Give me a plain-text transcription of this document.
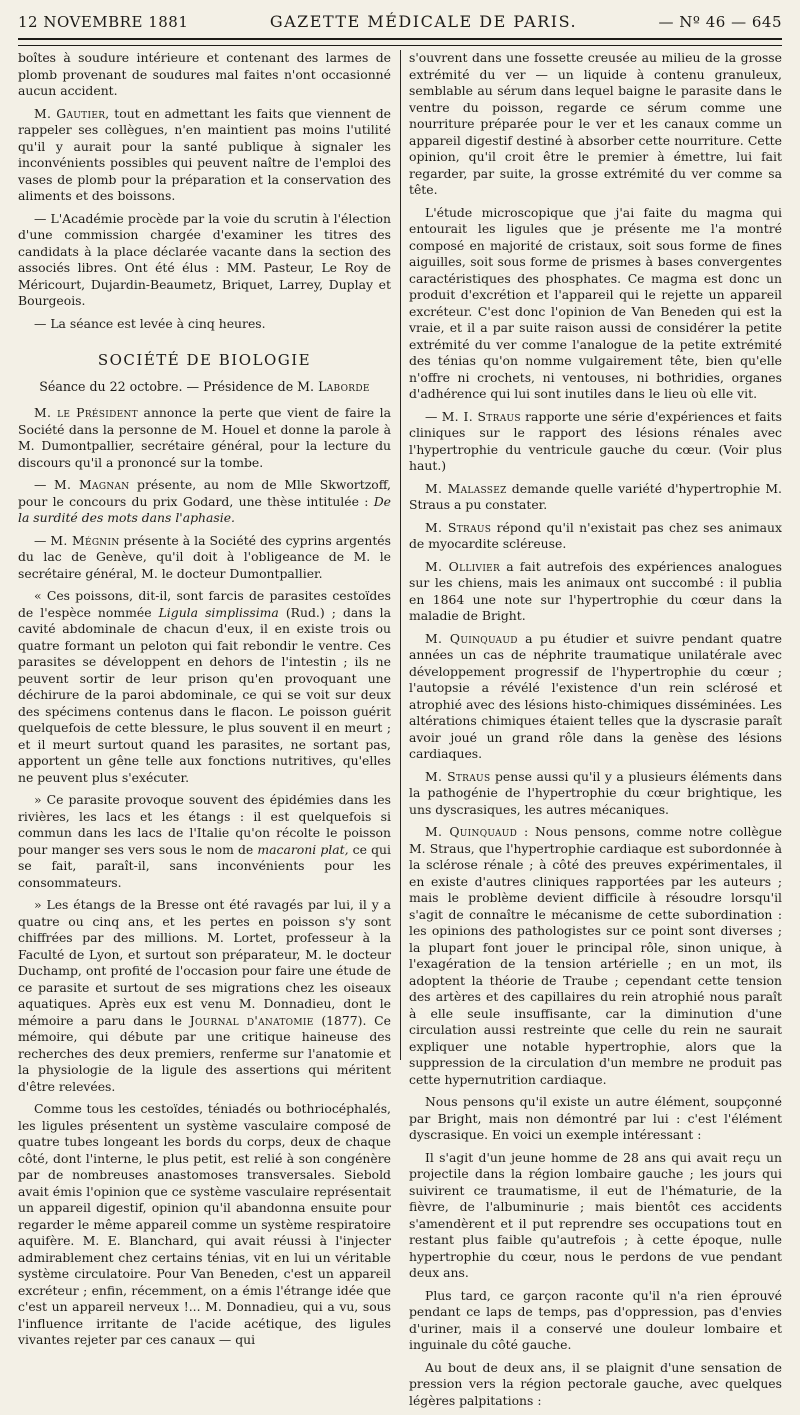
12 NOVEMBRE 1881	GAZETTE MÉDICALE DE PARIS.	— Nº 46 — 645

boîtes à soudure intérieure et contenant des larmes de plomb provenant de soudures mal faites n'ont occasionné aucun accident.

M. Gautier, tout en admettant les faits que viennent de rappeler ses collègues, n'en maintient pas moins l'utilité qu'il y aurait pour la santé publique à signaler les inconvénients possibles qui peuvent naître de l'emploi des vases de plomb pour la préparation et la conservation des aliments et des boissons.

— L'Académie procède par la voie du scrutin à l'élection d'une commission chargée d'examiner les titres des candidats à la place déclarée vacante dans la section des associés libres. Ont été élus : MM. Pasteur, Le Roy de Méricourt, Dujardin-Beaumetz, Briquet, Larrey, Duplay et Bourgeois.

— La séance est levée à cinq heures.

SOCIÉTÉ DE BIOLOGIE
Séance du 22 octobre. — Présidence de M. Laborde

M. le Président annonce la perte que vient de faire la Société dans la personne de M. Houel et donne la parole à M. Dumontpallier, secrétaire général, pour la lecture du discours qu'il a prononcé sur la tombe.

— M. Magnan présente, au nom de Mlle Skwortzoff, pour le concours du prix Godard, une thèse intitulée : De la surdité des mots dans l'aphasie.

— M. Mégnin présente à la Société des cyprins argentés du lac de Genève, qu'il doit à l'obligeance de M. le secrétaire général, M. le docteur Dumontpallier.

« Ces poissons, dit-il, sont farcis de parasites cestoïdes de l'espèce nommée Ligula simplissima (Rud.) ; dans la cavité abdominale de chacun d'eux, il en existe trois ou quatre formant un peloton qui fait rebondir le ventre. Ces parasites se développent en dehors de l'intestin ; ils ne peuvent sortir de leur prison qu'en provoquant une déchirure de la paroi abdominale, ce qui se voit sur deux des spécimens contenus dans le flacon. Le poisson guérit quelquefois de cette blessure, le plus souvent il en meurt ; et il meurt surtout quand les parasites, ne sortant pas, apportent un gêne telle aux fonctions nutritives, qu'elles ne peuvent plus s'exécuter.

» Ce parasite provoque souvent des épidémies dans les rivières, les lacs et les étangs : il est quelquefois si commun dans les lacs de l'Italie qu'on récolte le poisson pour manger ses vers sous le nom de macaroni plat, ce qui se fait, paraît-il, sans inconvénients pour les consommateurs.

» Les étangs de la Bresse ont été ravagés par lui, il y a quatre ou cinq ans, et les pertes en poisson s'y sont chiffrées par des millions. M. Lortet, professeur à la Faculté de Lyon, et surtout son préparateur, M. le docteur Duchamp, ont profité de l'occasion pour faire une étude de ce parasite et surtout de ses migrations chez les oiseaux aquatiques. Après eux est venu M. Donnadieu, dont le mémoire a paru dans le Journal d'anatomie (1877). Ce mémoire, qui débute par une critique haineuse des recherches des deux premiers, renferme sur l'anatomie et la physiologie de la ligule des assertions qui méritent d'être relevées.

Comme tous les cestoïdes, téniadés ou bothriocéphalés, les ligules présentent un système vasculaire composé de quatre tubes longeant les bords du corps, deux de chaque côté, dont l'interne, le plus petit, est relié à son congénère par de nombreuses anastomoses transversales. Siebold avait émis l'opinion que ce système vasculaire représentait un appareil digestif, opinion qu'il abandonna ensuite pour regarder le même appareil comme un système respiratoire aquifère. M. E. Blanchard, qui avait réussi à l'injecter admirablement chez certains ténias, vit en lui un véritable système circulatoire. Pour Van Beneden, c'est un appareil excréteur ; enfin, récemment, on a émis l'étrange idée que c'est un appareil nerveux !... M. Donnadieu, qui a vu, sous l'influence irritante de l'acide acétique, des ligules vivantes rejeter par ces canaux — qui

s'ouvrent dans une fossette creusée au milieu de la grosse extrémité du ver — un liquide à contenu granuleux, semblable au sérum dans lequel baigne le parasite dans le ventre du poisson, regarde ce sérum comme une nourriture préparée pour le ver et les canaux comme un appareil digestif destiné à absorber cette nourriture. Cette opinion, qu'il croit être le premier à émettre, lui fait regarder, par suite, la grosse extrémité du ver comme sa tête.

L'étude microscopique que j'ai faite du magma qui entourait les ligules que je présente me l'a montré composé en majorité de cristaux, soit sous forme de fines aiguilles, soit sous forme de prismes à bases convergentes caractéristiques des phosphates. Ce magma est donc un produit d'excrétion et l'appareil qui le rejette un appareil excréteur. C'est donc l'opinion de Van Beneden qui est la vraie, et il a par suite raison aussi de considérer la petite extrémité du ver comme l'analogue de la petite extrémité des ténias qu'on nomme vulgairement tête, bien qu'elle n'offre ni crochets, ni ventouses, ni bothridies, organes d'adhérence qui lui sont inutiles dans le lieu où elle vit.

— M. I. Straus rapporte une série d'expériences et faits cliniques sur le rapport des lésions rénales avec l'hypertrophie du ventricule gauche du cœur. (Voir plus haut.)

M. Malassez demande quelle variété d'hypertrophie M. Straus a pu constater.

M. Straus répond qu'il n'existait pas chez ses animaux de myocardite scléreuse.

M. Ollivier a fait autrefois des expériences analogues sur les chiens, mais les animaux ont succombé : il publia en 1864 une note sur l'hypertrophie du cœur dans la maladie de Bright.

M. Quinquaud a pu étudier et suivre pendant quatre années un cas de néphrite traumatique unilatérale avec développement progressif de l'hypertrophie du cœur ; l'autopsie a révélé l'existence d'un rein sclérosé et atrophié avec des lésions histo-chimiques disséminées. Les altérations chimiques étaient telles que la dyscrasie paraît avoir joué un grand rôle dans la genèse des lésions cardiaques.

M. Straus pense aussi qu'il y a plusieurs éléments dans la pathogénie de l'hypertrophie du cœur brightique, les uns dyscrasiques, les autres mécaniques.

M. Quinquaud : Nous pensons, comme notre collègue M. Straus, que l'hypertrophie cardiaque est subordonnée à la sclérose rénale ; à côté des preuves expérimentales, il en existe d'autres cliniques rapportées par les auteurs ; mais le problème devient difficile à résoudre lorsqu'il s'agit de connaître le mécanisme de cette subordination : les opinions des pathologistes sur ce point sont diverses ; la plupart font jouer le principal rôle, sinon unique, à l'exagération de la tension artérielle ; en un mot, ils adoptent la théorie de Traube ; cependant cette tension des artères et des capillaires du rein atrophié nous paraît à elle seule insuffisante, car la diminution d'une circulation aussi restreinte que celle du rein ne saurait expliquer une notable hypertrophie, alors que la suppression de la circulation d'un membre ne produit pas cette hypernutrition cardiaque.

Nous pensons qu'il existe un autre élément, soupçonné par Bright, mais non démontré par lui : c'est l'élément dyscrasique. En voici un exemple intéressant :

Il s'agit d'un jeune homme de 28 ans qui avait reçu un projectile dans la région lombaire gauche ; les jours qui suivirent ce traumatisme, il eut de l'hématurie, de la fièvre, de l'albuminurie ; mais bientôt ces accidents s'amendèrent et il put reprendre ses occupations tout en restant plus faible qu'autrefois ; à cette époque, nulle hypertrophie du cœur, nous le perdons de vue pendant deux ans.

Plus tard, ce garçon raconte qu'il n'a rien éprouvé pendant ce laps de temps, pas d'oppression, pas d'envies d'uriner, mais il a conservé une douleur lombaire et inguinale du côté gauche.

Au bout de deux ans, il se plaignit d'une sensation de pression vers la région pectorale gauche, avec quelques légères palpitations :
